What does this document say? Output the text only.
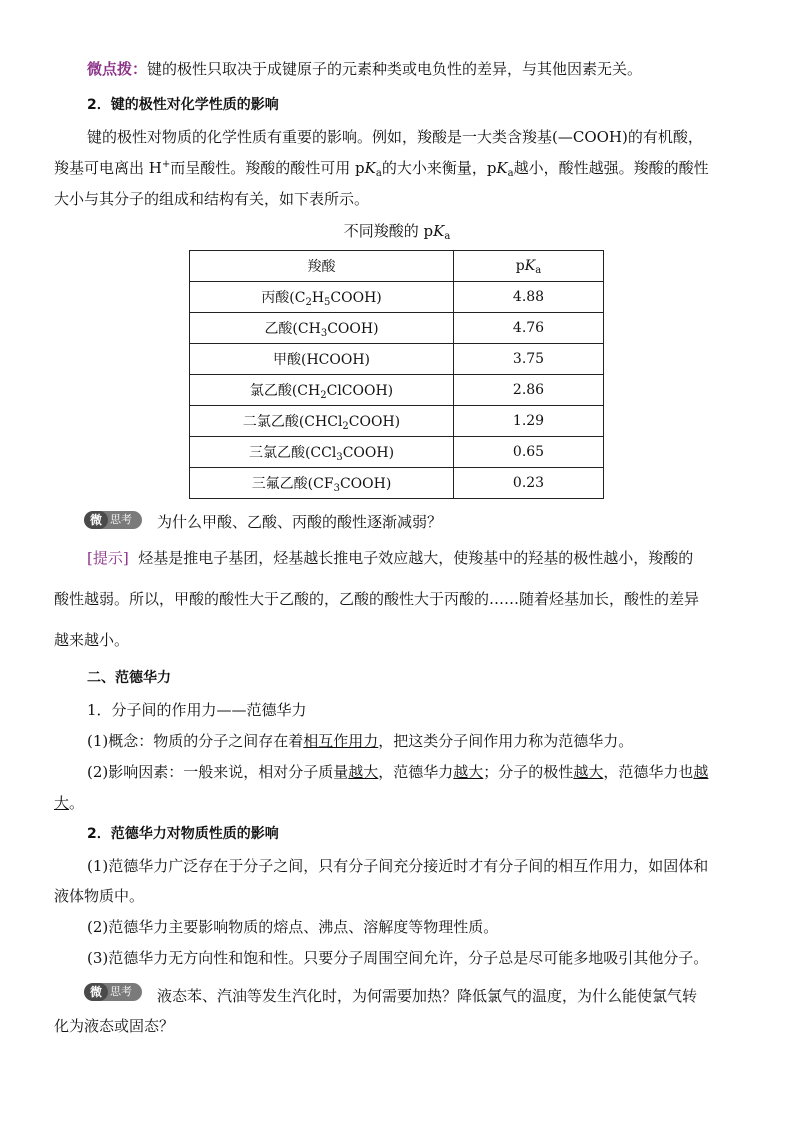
微点拨：键的极性只取决于成键原子的元素种类或电负性的差异，与其他因素无关。
2．键的极性对化学性质的影响
键的极性对物质的化学性质有重要的影响。例如，羧酸是一大类含羧基(—COOH)的有机酸，
羧基可电离出 H+而呈酸性。羧酸的酸性可用 $pK_a$的大小来衡量，$pK_a$越小，酸性越强。羧酸的酸性
大小与其分子的组成和结构有关，如下表所示。
不同羧酸的 $pK_a$
羧酸	$pK_a$
丙酸$(C_2H_5COOH)$	4.88
乙酸$(CH_3COOH)$	4.76
甲酸(HCOOH)	3.75
氯乙酸$(CH_2ClCOOH)$	2.86
二氯乙酸(CHCl$_2$COOH)	1.29
三氯乙酸(CCl$_3$COOH)	0.65
三氟乙酸$(CF_3COOH)$	0.23
微 思考 为什么甲酸、乙酸、丙酸的酸性逐渐减弱？
[提示] 烃基是推电子基团，烃基越长推电子效应越大，使羧基中的羟基的极性越小，羧酸的
酸性越弱。所以，甲酸的酸性大于乙酸的，乙酸的酸性大于丙酸的……随着烃基加长，酸性的差异
越来越小。
二、范德华力
1．分子间的作用力——范德华力
(1)概念：物质的分子之间存在着相互作用力，把这类分子间作用力称为范德华力。
(2)影响因素：一般来说，相对分子质量越大，范德华力越大；分子的极性越大，范德华力也越
大。
2．范德华力对物质性质的影响
(1)范德华力广泛存在于分子之间，只有分子间充分接近时才有分子间的相互作用力，如固体和
液体物质中。
(2)范德华力主要影响物质的熔点、沸点、溶解度等物理性质。
(3)范德华力无方向性和饱和性。只要分子周围空间允许，分子总是尽可能多地吸引其他分子。
微 思考 液态苯、汽油等发生汽化时，为何需要加热？降低氯气的温度，为什么能使氯气转
化为液态或固态？
